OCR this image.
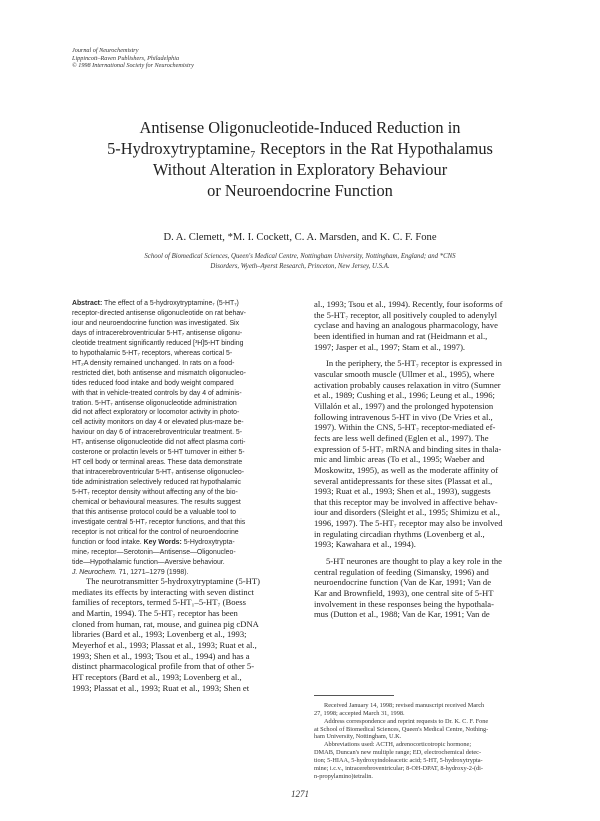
Journal of Neurochemistry
Lippincott–Raven Publishers, Philadelphia
© 1998 International Society for Neurochemistry
Antisense Oligonucleotide-Induced Reduction in
5-Hydroxytryptamine₇ Receptors in the Rat Hypothalamus
Without Alteration in Exploratory Behaviour
or Neuroendocrine Function
D. A. Clemett, *M. I. Cockett, C. A. Marsden, and K. C. F. Fone
School of Biomedical Sciences, Queen's Medical Centre, Nottingham University, Nottingham, England; and *CNS
Disorders, Wyeth–Ayerst Research, Princeton, New Jersey, U.S.A.
Abstract: The effect of a 5-hydroxytryptamine₇ (5-HT₇)
receptor-directed antisense oligonucleotide on rat behav-
iour and neuroendocrine function was investigated. Six
days of intracerebroventricular 5-HT₇ antisense oligonu-
cleotide treatment significantly reduced [³H]5-HT binding
to hypothalamic 5-HT₇ receptors, whereas cortical 5-
HT₂A density remained unchanged. In rats on a food-
restricted diet, both antisense and mismatch oligonucleo-
tides reduced food intake and body weight compared
with that in vehicle-treated controls by day 4 of adminis-
tration. 5-HT₇ antisense oligonucleotide administration
did not affect exploratory or locomotor activity in photo-
cell activity monitors on day 4 or elevated plus-maze be-
haviour on day 6 of intracerebroventricular treatment. 5-
HT₇ antisense oligonucleotide did not affect plasma corti-
costerone or prolactin levels or 5-HT turnover in either 5-
HT cell body or terminal areas. These data demonstrate
that intracerebroventricular 5-HT₇ antisense oligonucleo-
tide administration selectively reduced rat hypothalamic
5-HT₇ receptor density without affecting any of the bio-
chemical or behavioural measures. The results suggest
that this antisense protocol could be a valuable tool to
investigate central 5-HT₇ receptor functions, and that this
receptor is not critical for the control of neuroendocrine
function or food intake. Key Words: 5-Hydroxytrypta-
mine₇ receptor—Serotonin—Antisense—Oligonucleo-
tide—Hypothalamic function—Aversive behaviour.
J. Neurochem. 71, 1271–1279 (1998).
The neurotransmitter 5-hydroxytryptamine (5-HT)
mediates its effects by interacting with seven distinct
families of receptors, termed 5-HT₁–5-HT₇ (Boess
and Martin, 1994). The 5-HT₇ receptor has been
cloned from human, rat, mouse, and guinea pig cDNA
libraries (Bard et al., 1993; Lovenberg et al., 1993;
Meyerhof et al., 1993; Plassat et al., 1993; Ruat et al.,
1993; Shen et al., 1993; Tsou et al., 1994) and has a
distinct pharmacological profile from that of other 5-
HT receptors (Bard et al., 1993; Lovenberg et al.,
1993; Plassat et al., 1993; Ruat et al., 1993; Shen et
al., 1993; Tsou et al., 1994). Recently, four isoforms of
the 5-HT₇ receptor, all positively coupled to adenylyl
cyclase and having an analogous pharmacology, have
been identified in human and rat (Heidmann et al.,
1997; Jasper et al., 1997; Stam et al., 1997).
In the periphery, the 5-HT₇ receptor is expressed in
vascular smooth muscle (Ullmer et al., 1995), where
activation probably causes relaxation in vitro (Sumner
et al., 1989; Cushing et al., 1996; Leung et al., 1996;
Villalón et al., 1997) and the prolonged hypotension
following intravenous 5-HT in vivo (De Vries et al.,
1997). Within the CNS, 5-HT₇ receptor-mediated ef-
fects are less well defined (Eglen et al., 1997). The
expression of 5-HT₇ mRNA and binding sites in thala-
mic and limbic areas (To et al., 1995; Waeber and
Moskowitz, 1995), as well as the moderate affinity of
several antidepressants for these sites (Plassat et al.,
1993; Ruat et al., 1993; Shen et al., 1993), suggests
that this receptor may be involved in affective behav-
iour and disorders (Sleight et al., 1995; Shimizu et al.,
1996, 1997). The 5-HT₇ receptor may also be involved
in regulating circadian rhythms (Lovenberg et al.,
1993; Kawahara et al., 1994).
5-HT neurones are thought to play a key role in the
central regulation of feeding (Simansky, 1996) and
neuroendocrine function (Van de Kar, 1991; Van de
Kar and Brownfield, 1993), one central site of 5-HT
involvement in these responses being the hypothala-
mus (Dutton et al., 1988; Van de Kar, 1991; Van de
Received January 14, 1998; revised manuscript received March
27, 1998; accepted March 31, 1998.
Address correspondence and reprint requests to Dr. K. C. F. Fone
at School of Biomedical Sciences, Queen's Medical Centre, Nothing-
ham University, Nottingham, U.K.
Abbreviations used: ACTH, adrenocorticotropic hormone;
DMAB, Duncan's new multiple range; ED, electrochemical detec-
tion; 5-HIAA, 5-hydroxyindoleacetic acid; 5-HT, 5-hydroxytrypta-
mine; i.c.v., intracerebroventricular; 8-OH-DPAT, 8-hydroxy-2-(di-
n-propylamino)tetralin.
1271
